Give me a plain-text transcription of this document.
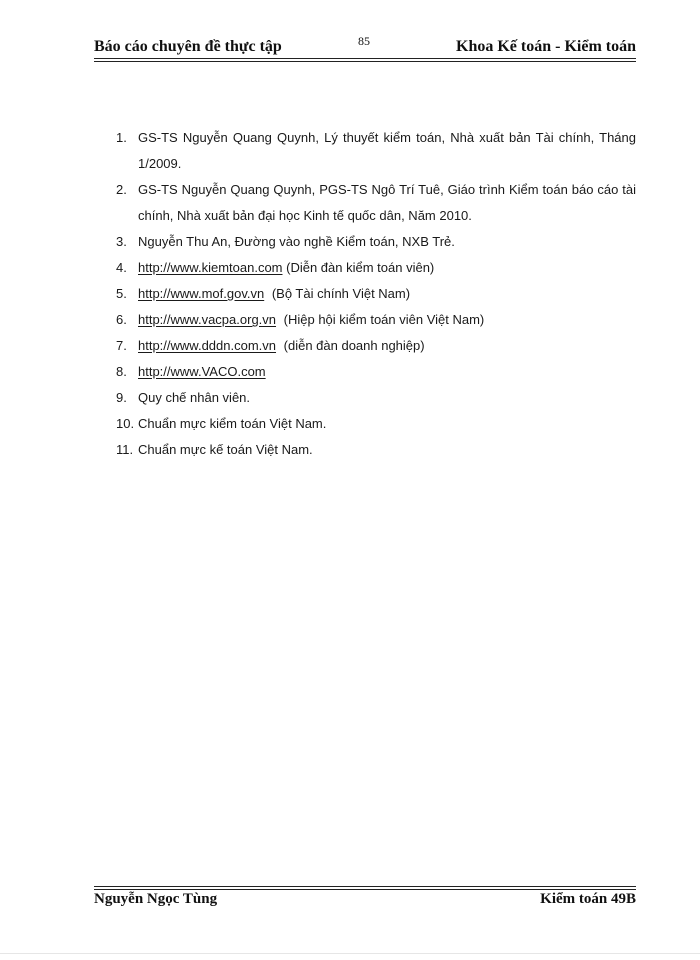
Báo cáo chuyên đề thực tập	85	Khoa Kế toán - Kiểm toán
1. GS-TS Nguyễn Quang Quynh, Lý thuyết kiểm toán, Nhà xuất bản Tài chính, Tháng 1/2009.
2. GS-TS Nguyễn Quang Quynh, PGS-TS Ngô Trí Tuê, Giáo trình Kiểm toán báo cáo tài chính, Nhà xuất bản đại học Kinh tế quốc dân, Năm 2010.
3. Nguyễn Thu An, Đường vào nghề Kiểm toán, NXB Trẻ.
4. http://www.kiemtoan.com (Diễn đàn kiểm toán viên)
5. http://www.mof.gov.vn (Bộ Tài chính Việt Nam)
6. http://www.vacpa.org.vn (Hiệp hội kiểm toán viên Việt Nam)
7. http://www.dddn.com.vn (diễn đàn doanh nghiệp)
8. http://www.VACO.com
9. Quy chế nhân viên.
10. Chuẩn mực kiểm toán Việt Nam.
11. Chuẩn mực kế toán Việt Nam.
Nguyễn Ngọc Tùng	Kiểm toán 49B
